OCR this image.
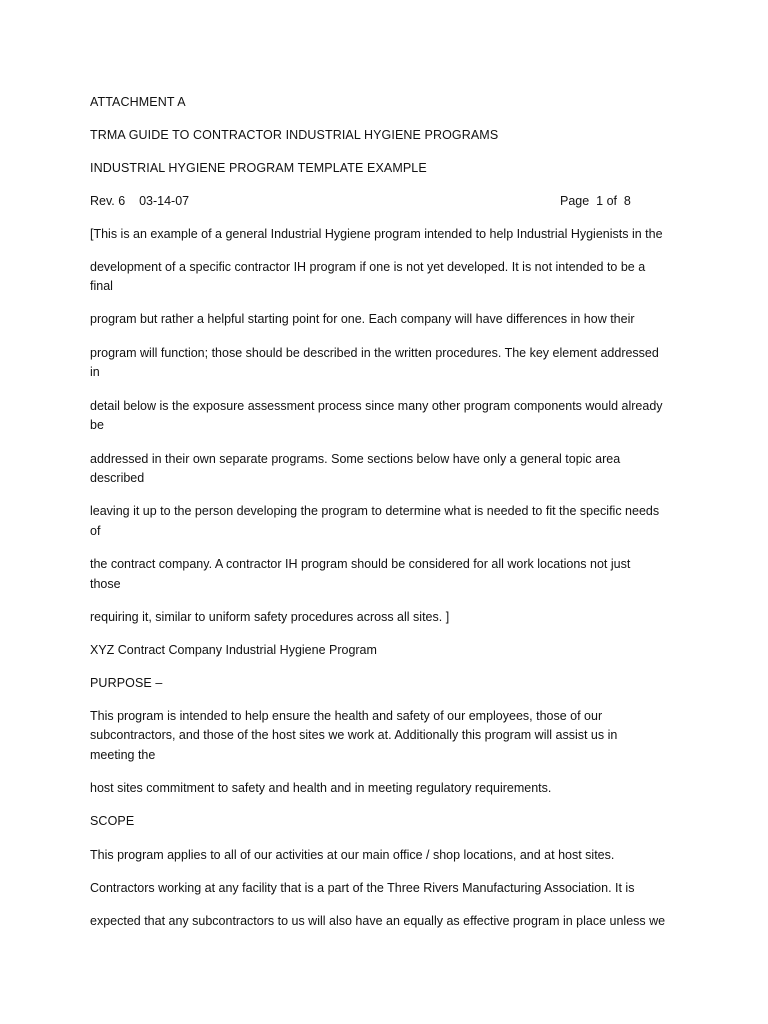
ATTACHMENT A
TRMA GUIDE TO CONTRACTOR INDUSTRIAL HYGIENE PROGRAMS
INDUSTRIAL HYGIENE PROGRAM TEMPLATE EXAMPLE
Rev. 6    03-14-07	Page  1 of  8
[This is an example of a general Industrial Hygiene program intended to help Industrial Hygienists in the
development of a specific contractor IH program if one is not yet developed. It is not intended to be a
final
program but rather a helpful starting point for one. Each company will have differences in how their
program will function; those should be described in the written procedures. The key element addressed
in
detail below is the exposure assessment process since many other program components would already
be
addressed in their own separate programs. Some sections below have only a general topic area
described
leaving it up to the person developing the program to determine what is needed to fit the specific needs
of
the contract company. A contractor IH program should be considered for all work locations not just
those
requiring it, similar to uniform safety procedures across all sites. ]
XYZ Contract Company Industrial Hygiene Program
PURPOSE –
This program is intended to help ensure the health and safety of our employees, those of our
subcontractors, and those of the host sites we work at. Additionally this program will assist us in
meeting the
host sites commitment to safety and health and in meeting regulatory requirements.
SCOPE
This program applies to all of our activities at our main office / shop locations, and at host sites.
Contractors working at any facility that is a part of the Three Rivers Manufacturing Association. It is
expected that any subcontractors to us will also have an equally as effective program in place unless we
